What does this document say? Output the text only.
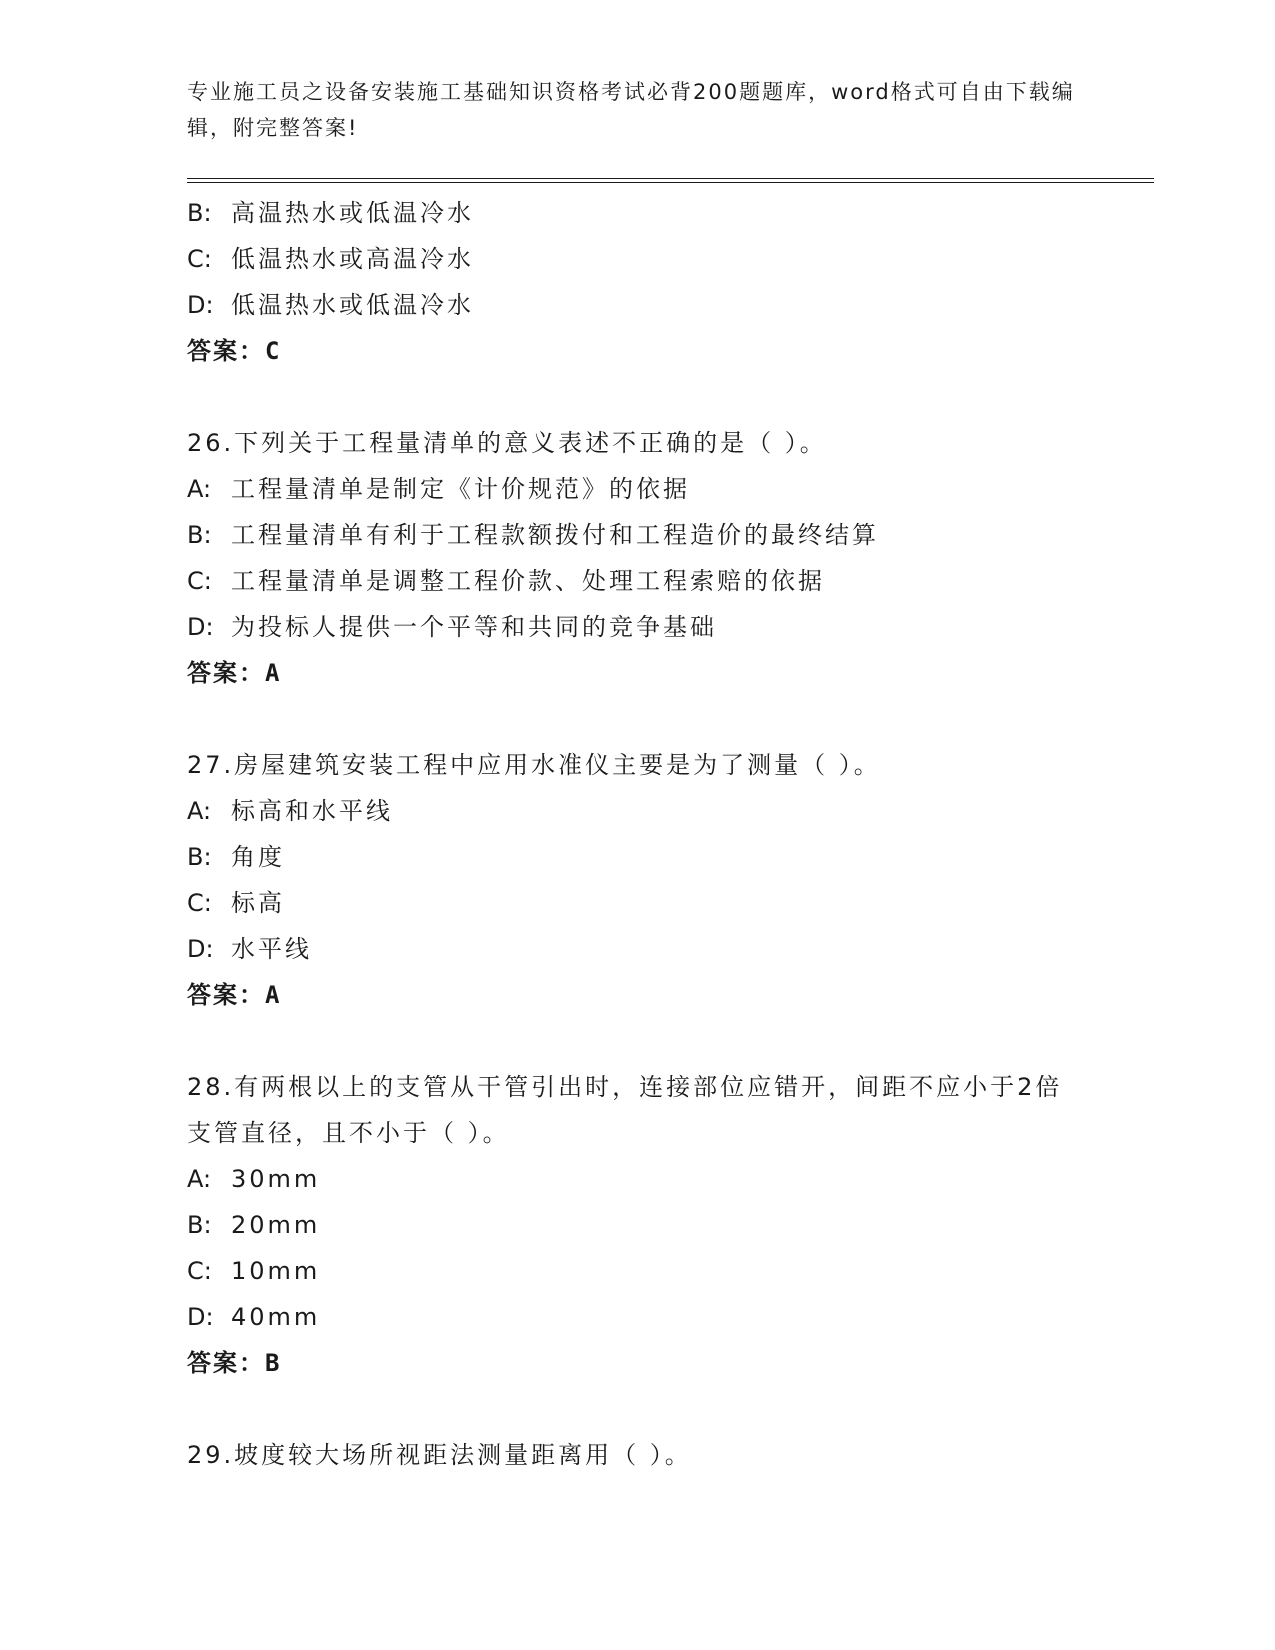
专业施工员之设备安装施工基础知识资格考试必背200题题库，word格式可自由下载编辑，附完整答案!
B: 高温热水或低温冷水
C: 低温热水或高温冷水
D: 低温热水或低温冷水
答案：C
26.下列关于工程量清单的意义表述不正确的是（ ）。
A: 工程量清单是制定《计价规范》的依据
B: 工程量清单有利于工程款额拨付和工程造价的最终结算
C: 工程量清单是调整工程价款、处理工程索赔的依据
D: 为投标人提供一个平等和共同的竞争基础
答案：A
27.房屋建筑安装工程中应用水准仪主要是为了测量（ ）。
A: 标高和水平线
B: 角度
C: 标高
D: 水平线
答案：A
28.有两根以上的支管从干管引出时，连接部位应错开，间距不应小于2倍支管直径，且不小于（ ）。
A: 30mm
B: 20mm
C: 10mm
D: 40mm
答案：B
29.坡度较大场所视距法测量距离用（ ）。
